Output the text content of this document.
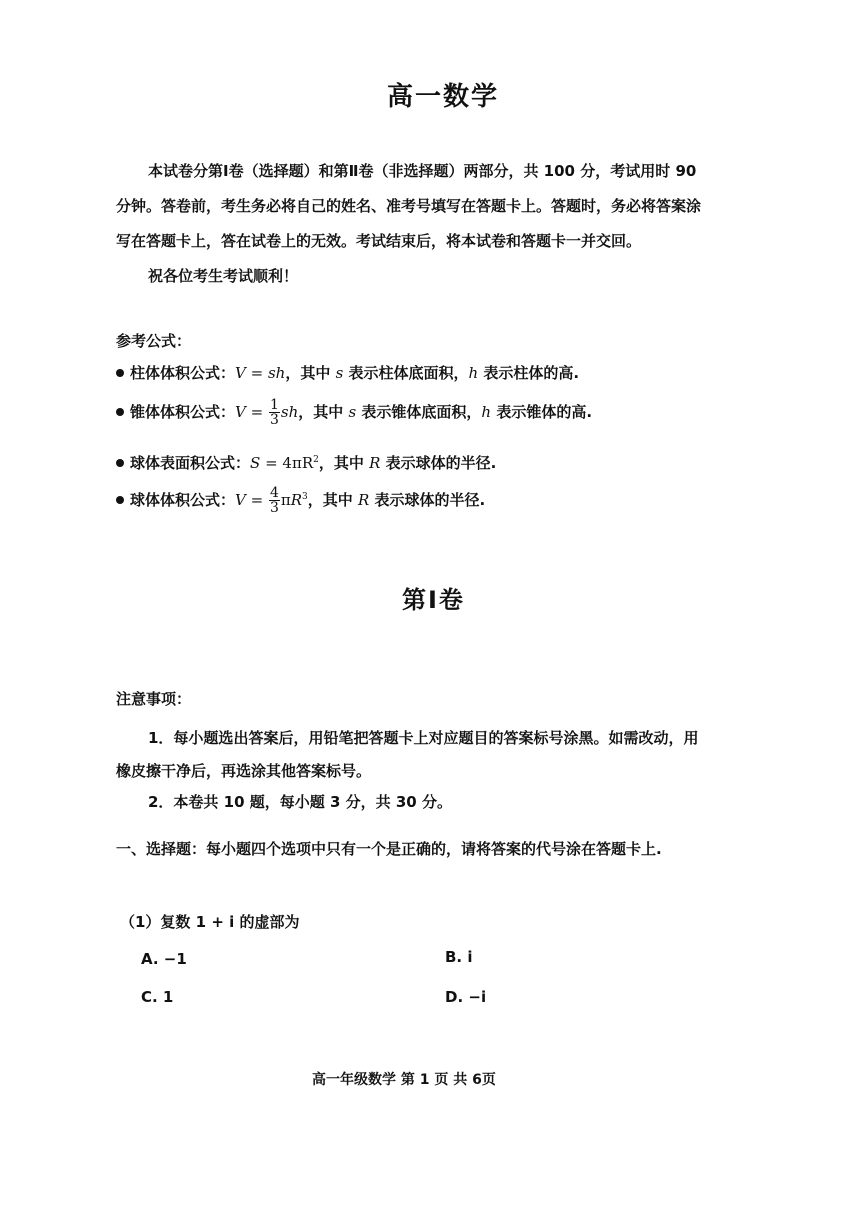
高一数学
本试卷分第Ⅰ卷（选择题）和第Ⅱ卷（非选择题）两部分，共 100 分，考试用时 90
分钟。答卷前，考生务必将自己的姓名、准考号填写在答题卡上。答题时，务必将答案涂
写在答题卡上，答在试卷上的无效。考试结束后，将本试卷和答题卡一并交回。
祝各位考生考试顺利！
参考公式：
柱体体积公式：V = sh，其中 s 表示柱体底面积，h 表示柱体的高.
锥体体积公式：$V = \frac{1}{3}$ sh，其中 s 表示锥体底面积，h 表示锥体的高.
球体表面积公式：$S = 4\pi R^2$，其中 R 表示球体的半径.
球体体积公式：$V = \frac{4}{3} \pi R^3$，其中 R 表示球体的半径.
第Ⅰ卷
注意事项：
1．每小题选出答案后，用铅笔把答题卡上对应题目的答案标号涂黑。如需改动，用
橡皮擦干净后，再选涂其他答案标号。
2．本卷共 10 题，每小题 3 分，共 30 分。
一、选择题：每小题四个选项中只有一个是正确的，请将答案的代号涂在答题卡上.
（1）复数 1 + i 的虚部为
A. −1	B. i
C. 1	D. −i
高一年级数学 第 1 页 共 6页
